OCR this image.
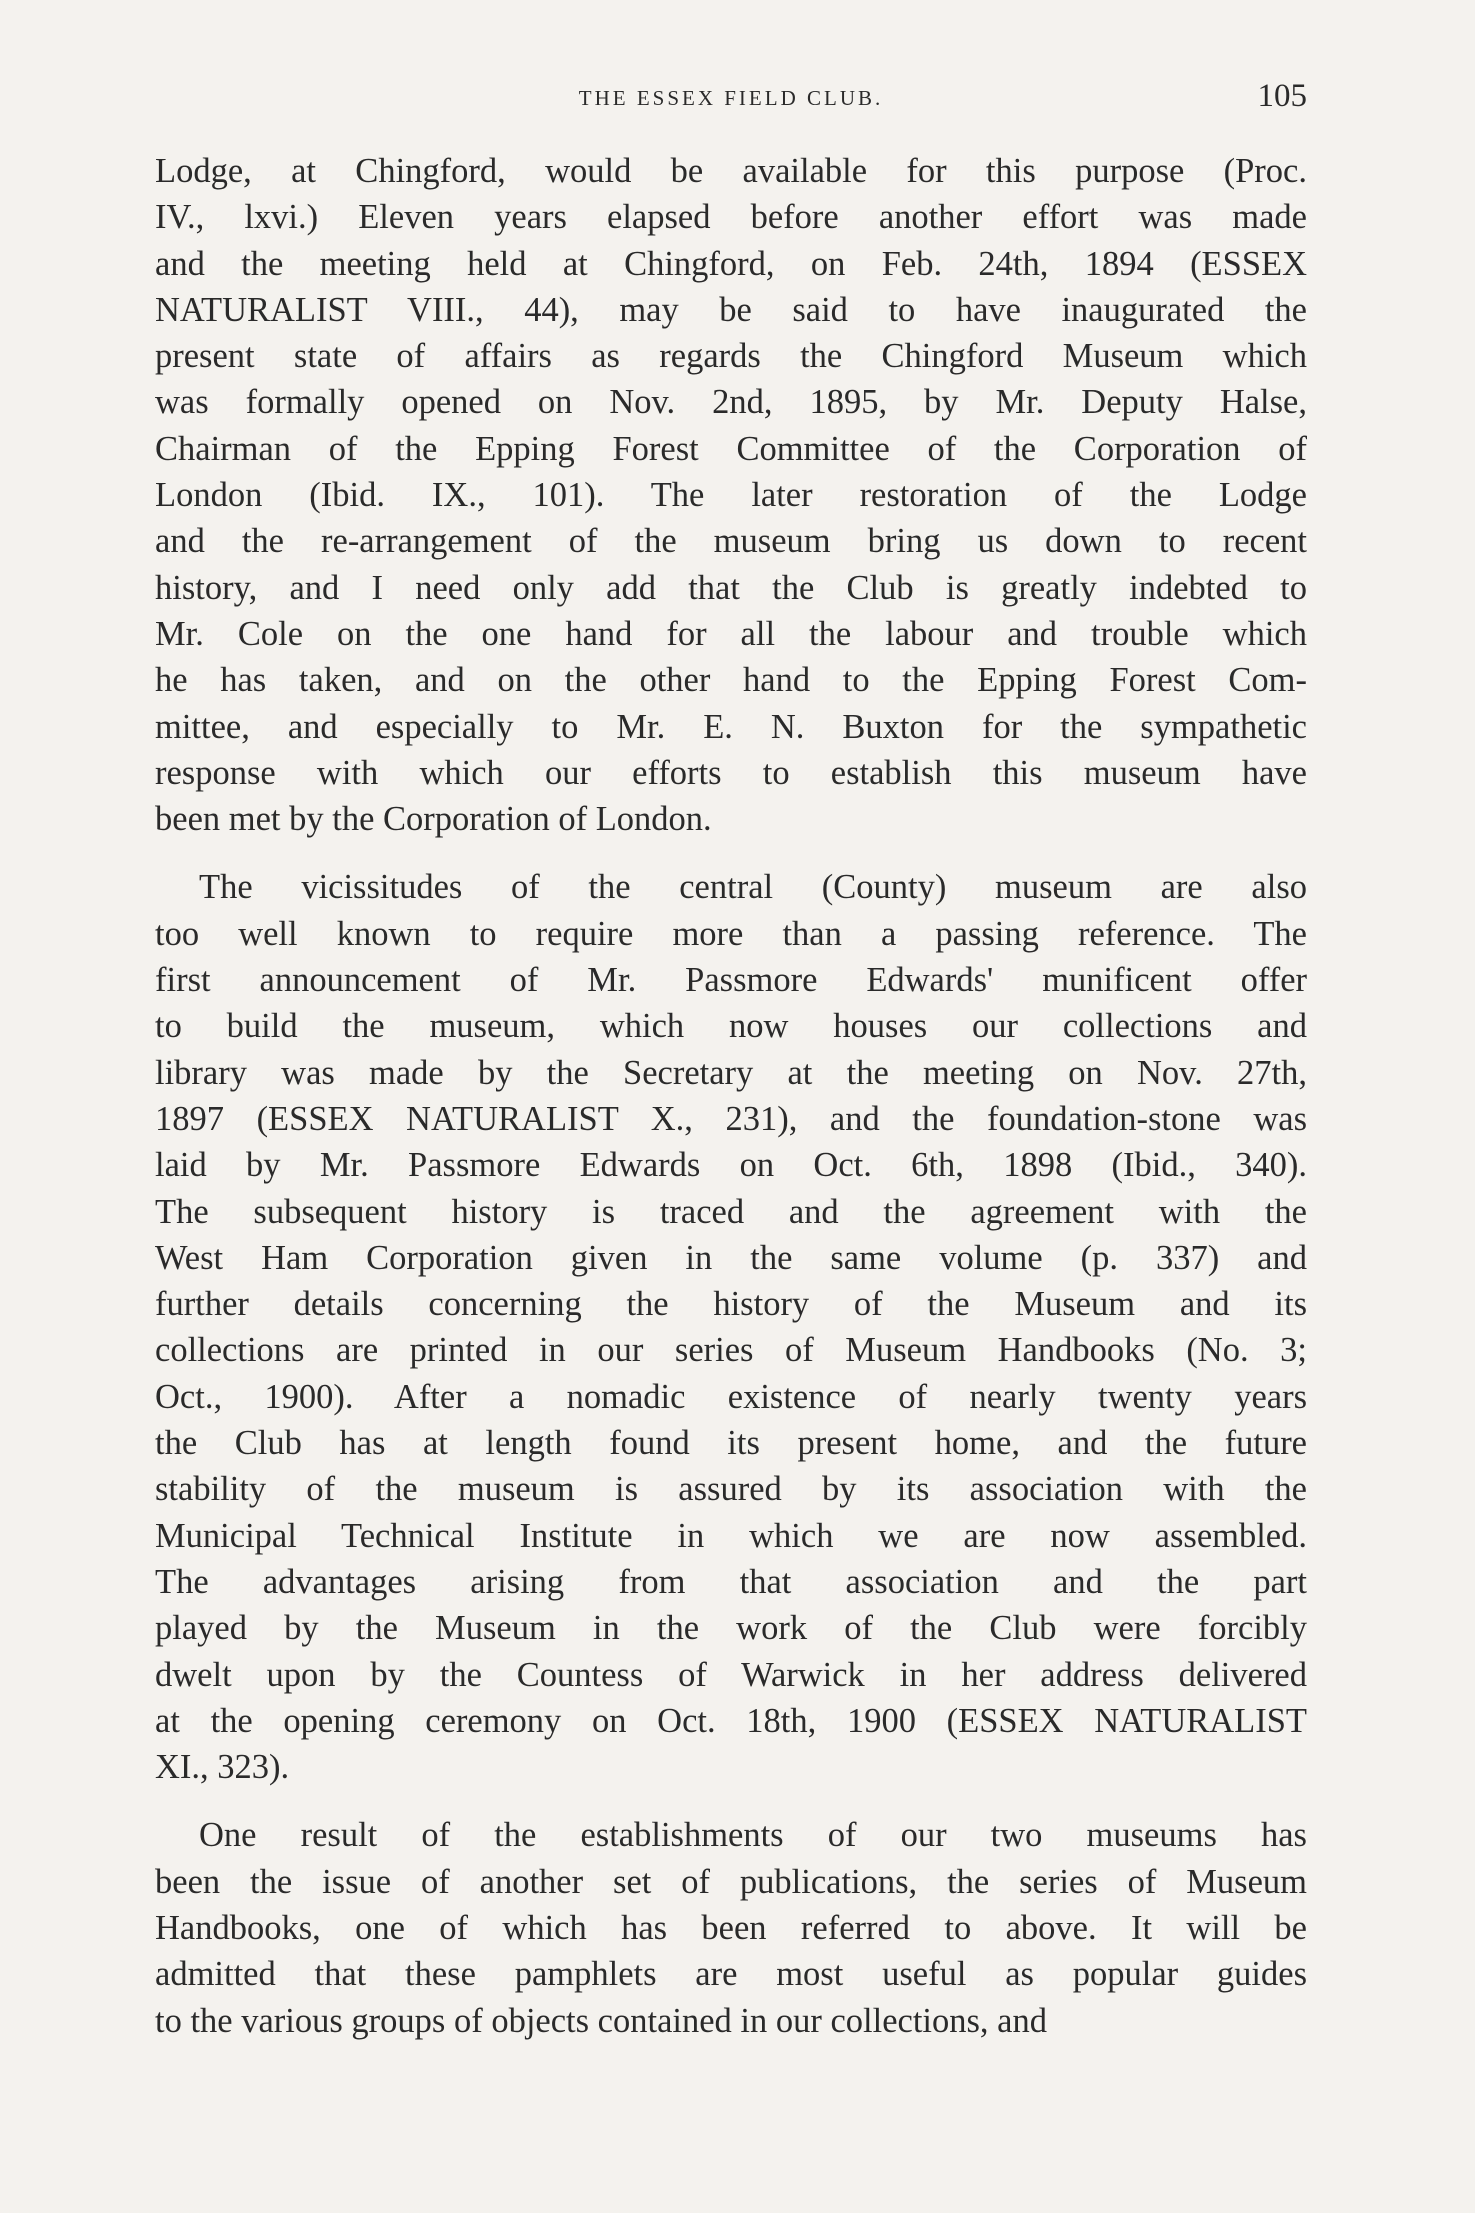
THE ESSEX FIELD CLUB.	105
Lodge, at Chingford, would be available for this purpose (Proc.
IV., lxvi.) Eleven years elapsed before another effort was made
and the meeting held at Chingford, on Feb. 24th, 1894 (ESSEX
NATURALIST VIII., 44), may be said to have inaugurated the
present state of affairs as regards the Chingford Museum which
was formally opened on Nov. 2nd, 1895, by Mr. Deputy Halse,
Chairman of the Epping Forest Committee of the Corporation of
London (Ibid. IX., 101). The later restoration of the Lodge
and the re-arrangement of the museum bring us down to recent
history, and I need only add that the Club is greatly indebted to
Mr. Cole on the one hand for all the labour and trouble which
he has taken, and on the other hand to the Epping Forest Com-
mittee, and especially to Mr. E. N. Buxton for the sympathetic
response with which our efforts to establish this museum have
been met by the Corporation of London.
The vicissitudes of the central (County) museum are also
too well known to require more than a passing reference. The
first announcement of Mr. Passmore Edwards' munificent offer
to build the museum, which now houses our collections and
library was made by the Secretary at the meeting on Nov. 27th,
1897 (ESSEX NATURALIST X., 231), and the foundation-stone was
laid by Mr. Passmore Edwards on Oct. 6th, 1898 (Ibid., 340).
The subsequent history is traced and the agreement with the
West Ham Corporation given in the same volume (p. 337) and
further details concerning the history of the Museum and its
collections are printed in our series of Museum Handbooks (No. 3;
Oct., 1900). After a nomadic existence of nearly twenty years
the Club has at length found its present home, and the future
stability of the museum is assured by its association with the
Municipal Technical Institute in which we are now assembled.
The advantages arising from that association and the part
played by the Museum in the work of the Club were forcibly
dwelt upon by the Countess of Warwick in her address delivered
at the opening ceremony on Oct. 18th, 1900 (ESSEX NATURALIST
XI., 323).
One result of the establishments of our two museums has
been the issue of another set of publications, the series of Museum
Handbooks, one of which has been referred to above. It will be
admitted that these pamphlets are most useful as popular guides
to the various groups of objects contained in our collections, and
